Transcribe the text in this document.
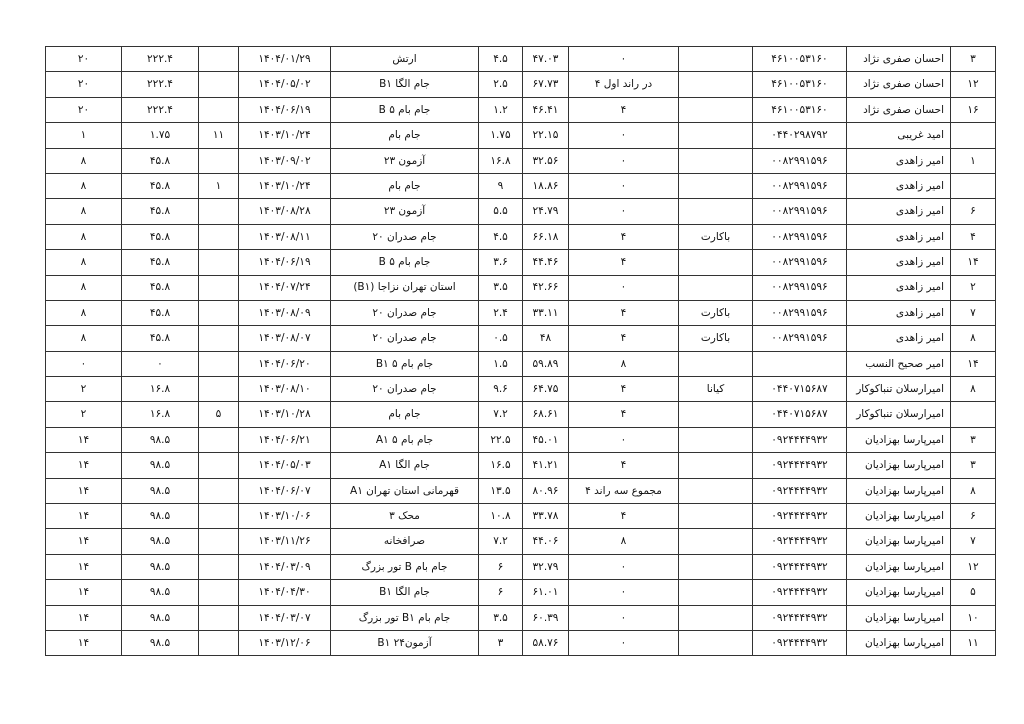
۳	احسان صفری نژاد	۴۶۱۰۰۵۳۱۶۰		۰	۴۷.۰۳	۴.۵	ارتش	۱۴۰۴/۰۱/۲۹		۲۲۲.۴	۲۰
۱۲	احسان صفری نژاد	۴۶۱۰۰۵۳۱۶۰		در راند اول ۴	۶۷.۷۳	۲.۵	جام الگا B۱	۱۴۰۴/۰۵/۰۲		۲۲۲.۴	۲۰
۱۶	احسان صفری نژاد	۴۶۱۰۰۵۳۱۶۰		۴	۴۶.۴۱	۱.۲	جام بام ۵ B	۱۴۰۴/۰۶/۱۹		۲۲۲.۴	۲۰
	امید غریبی	۰۴۴۰۲۹۸۷۹۲		۰	۲۲.۱۵	۱.۷۵	جام بام	۱۴۰۳/۱۰/۲۴	۱۱	۱.۷۵	۱
۱	امیر زاهدی	۰۰۸۲۹۹۱۵۹۶		۰	۳۲.۵۶	۱۶.۸	آزمون ۲۳	۱۴۰۳/۰۹/۰۲		۴۵.۸	۸
	امیر زاهدی	۰۰۸۲۹۹۱۵۹۶		۰	۱۸.۸۶	۹	جام بام	۱۴۰۳/۱۰/۲۴	۱	۴۵.۸	۸
۶	امیر زاهدی	۰۰۸۲۹۹۱۵۹۶		۰	۲۴.۷۹	۵.۵	آزمون ۲۳	۱۴۰۳/۰۸/۲۸		۴۵.۸	۸
۴	امیر زاهدی	۰۰۸۲۹۹۱۵۹۶	باکارت	۴	۶۶.۱۸	۴.۵	جام صدران ۲۰	۱۴۰۳/۰۸/۱۱		۴۵.۸	۸
۱۴	امیر زاهدی	۰۰۸۲۹۹۱۵۹۶		۴	۴۴.۴۶	۳.۶	جام بام ۵ B	۱۴۰۴/۰۶/۱۹		۴۵.۸	۸
۲	امیر زاهدی	۰۰۸۲۹۹۱۵۹۶		۰	۴۲.۶۶	۳.۵	استان تهران نزاجا (B۱)	۱۴۰۴/۰۷/۲۴		۴۵.۸	۸
۷	امیر زاهدی	۰۰۸۲۹۹۱۵۹۶	باکارت	۴	۳۳.۱۱	۲.۴	جام صدران ۲۰	۱۴۰۳/۰۸/۰۹		۴۵.۸	۸
۸	امیر زاهدی	۰۰۸۲۹۹۱۵۹۶	باکارت	۴	۴۸	۰.۵	جام صدران ۲۰	۱۴۰۳/۰۸/۰۷		۴۵.۸	۸
۱۴	امیر صحیح النسب			۸	۵۹.۸۹	۱.۵	جام بام ۵ B۱	۱۴۰۴/۰۶/۲۰		۰	۰
۸	امیرارسلان تنباکوکار	۰۴۴۰۷۱۵۶۸۷	کیانا	۴	۶۴.۷۵	۹.۶	جام صدران ۲۰	۱۴۰۳/۰۸/۱۰		۱۶.۸	۲
	امیرارسلان تنباکوکار	۰۴۴۰۷۱۵۶۸۷		۴	۶۸.۶۱	۷.۲	جام بام	۱۴۰۳/۱۰/۲۸	۵	۱۶.۸	۲
۳	امیرپارسا بهزادیان	۰۹۲۴۴۴۴۹۳۲		۰	۴۵.۰۱	۲۲.۵	جام بام ۵ A۱	۱۴۰۴/۰۶/۲۱		۹۸.۵	۱۴
۳	امیرپارسا بهزادیان	۰۹۲۴۴۴۴۹۳۲		۴	۴۱.۲۱	۱۶.۵	جام الگا A۱	۱۴۰۴/۰۵/۰۳		۹۸.۵	۱۴
۸	امیرپارسا بهزادیان	۰۹۲۴۴۴۴۹۳۲		مجموع سه راند ۴	۸۰.۹۶	۱۳.۵	قهرمانی استان تهران A۱	۱۴۰۴/۰۶/۰۷		۹۸.۵	۱۴
۶	امیرپارسا بهزادیان	۰۹۲۴۴۴۴۹۳۲		۴	۳۳.۷۸	۱۰.۸	محک ۳	۱۴۰۳/۱۰/۰۶		۹۸.۵	۱۴
۷	امیرپارسا بهزادیان	۰۹۲۴۴۴۴۹۳۲		۸	۴۴.۰۶	۷.۲	صرافخانه	۱۴۰۳/۱۱/۲۶		۹۸.۵	۱۴
۱۲	امیرپارسا بهزادیان	۰۹۲۴۴۴۴۹۳۲		۰	۳۲.۷۹	۶	جام بام B تور بزرگ	۱۴۰۴/۰۳/۰۹		۹۸.۵	۱۴
۵	امیرپارسا بهزادیان	۰۹۲۴۴۴۴۹۳۲		۰	۶۱.۰۱	۶	جام الگا B۱	۱۴۰۴/۰۴/۳۰		۹۸.۵	۱۴
۱۰	امیرپارسا بهزادیان	۰۹۲۴۴۴۴۹۳۲		۰	۶۰.۳۹	۳.۵	جام بام B۱ تور بزرگ	۱۴۰۴/۰۳/۰۷		۹۸.۵	۱۴
۱۱	امیرپارسا بهزادیان	۰۹۲۴۴۴۴۹۳۲		۰	۵۸.۷۶	۳	آزمون۲۴ B۱	۱۴۰۳/۱۲/۰۶		۹۸.۵	۱۴
